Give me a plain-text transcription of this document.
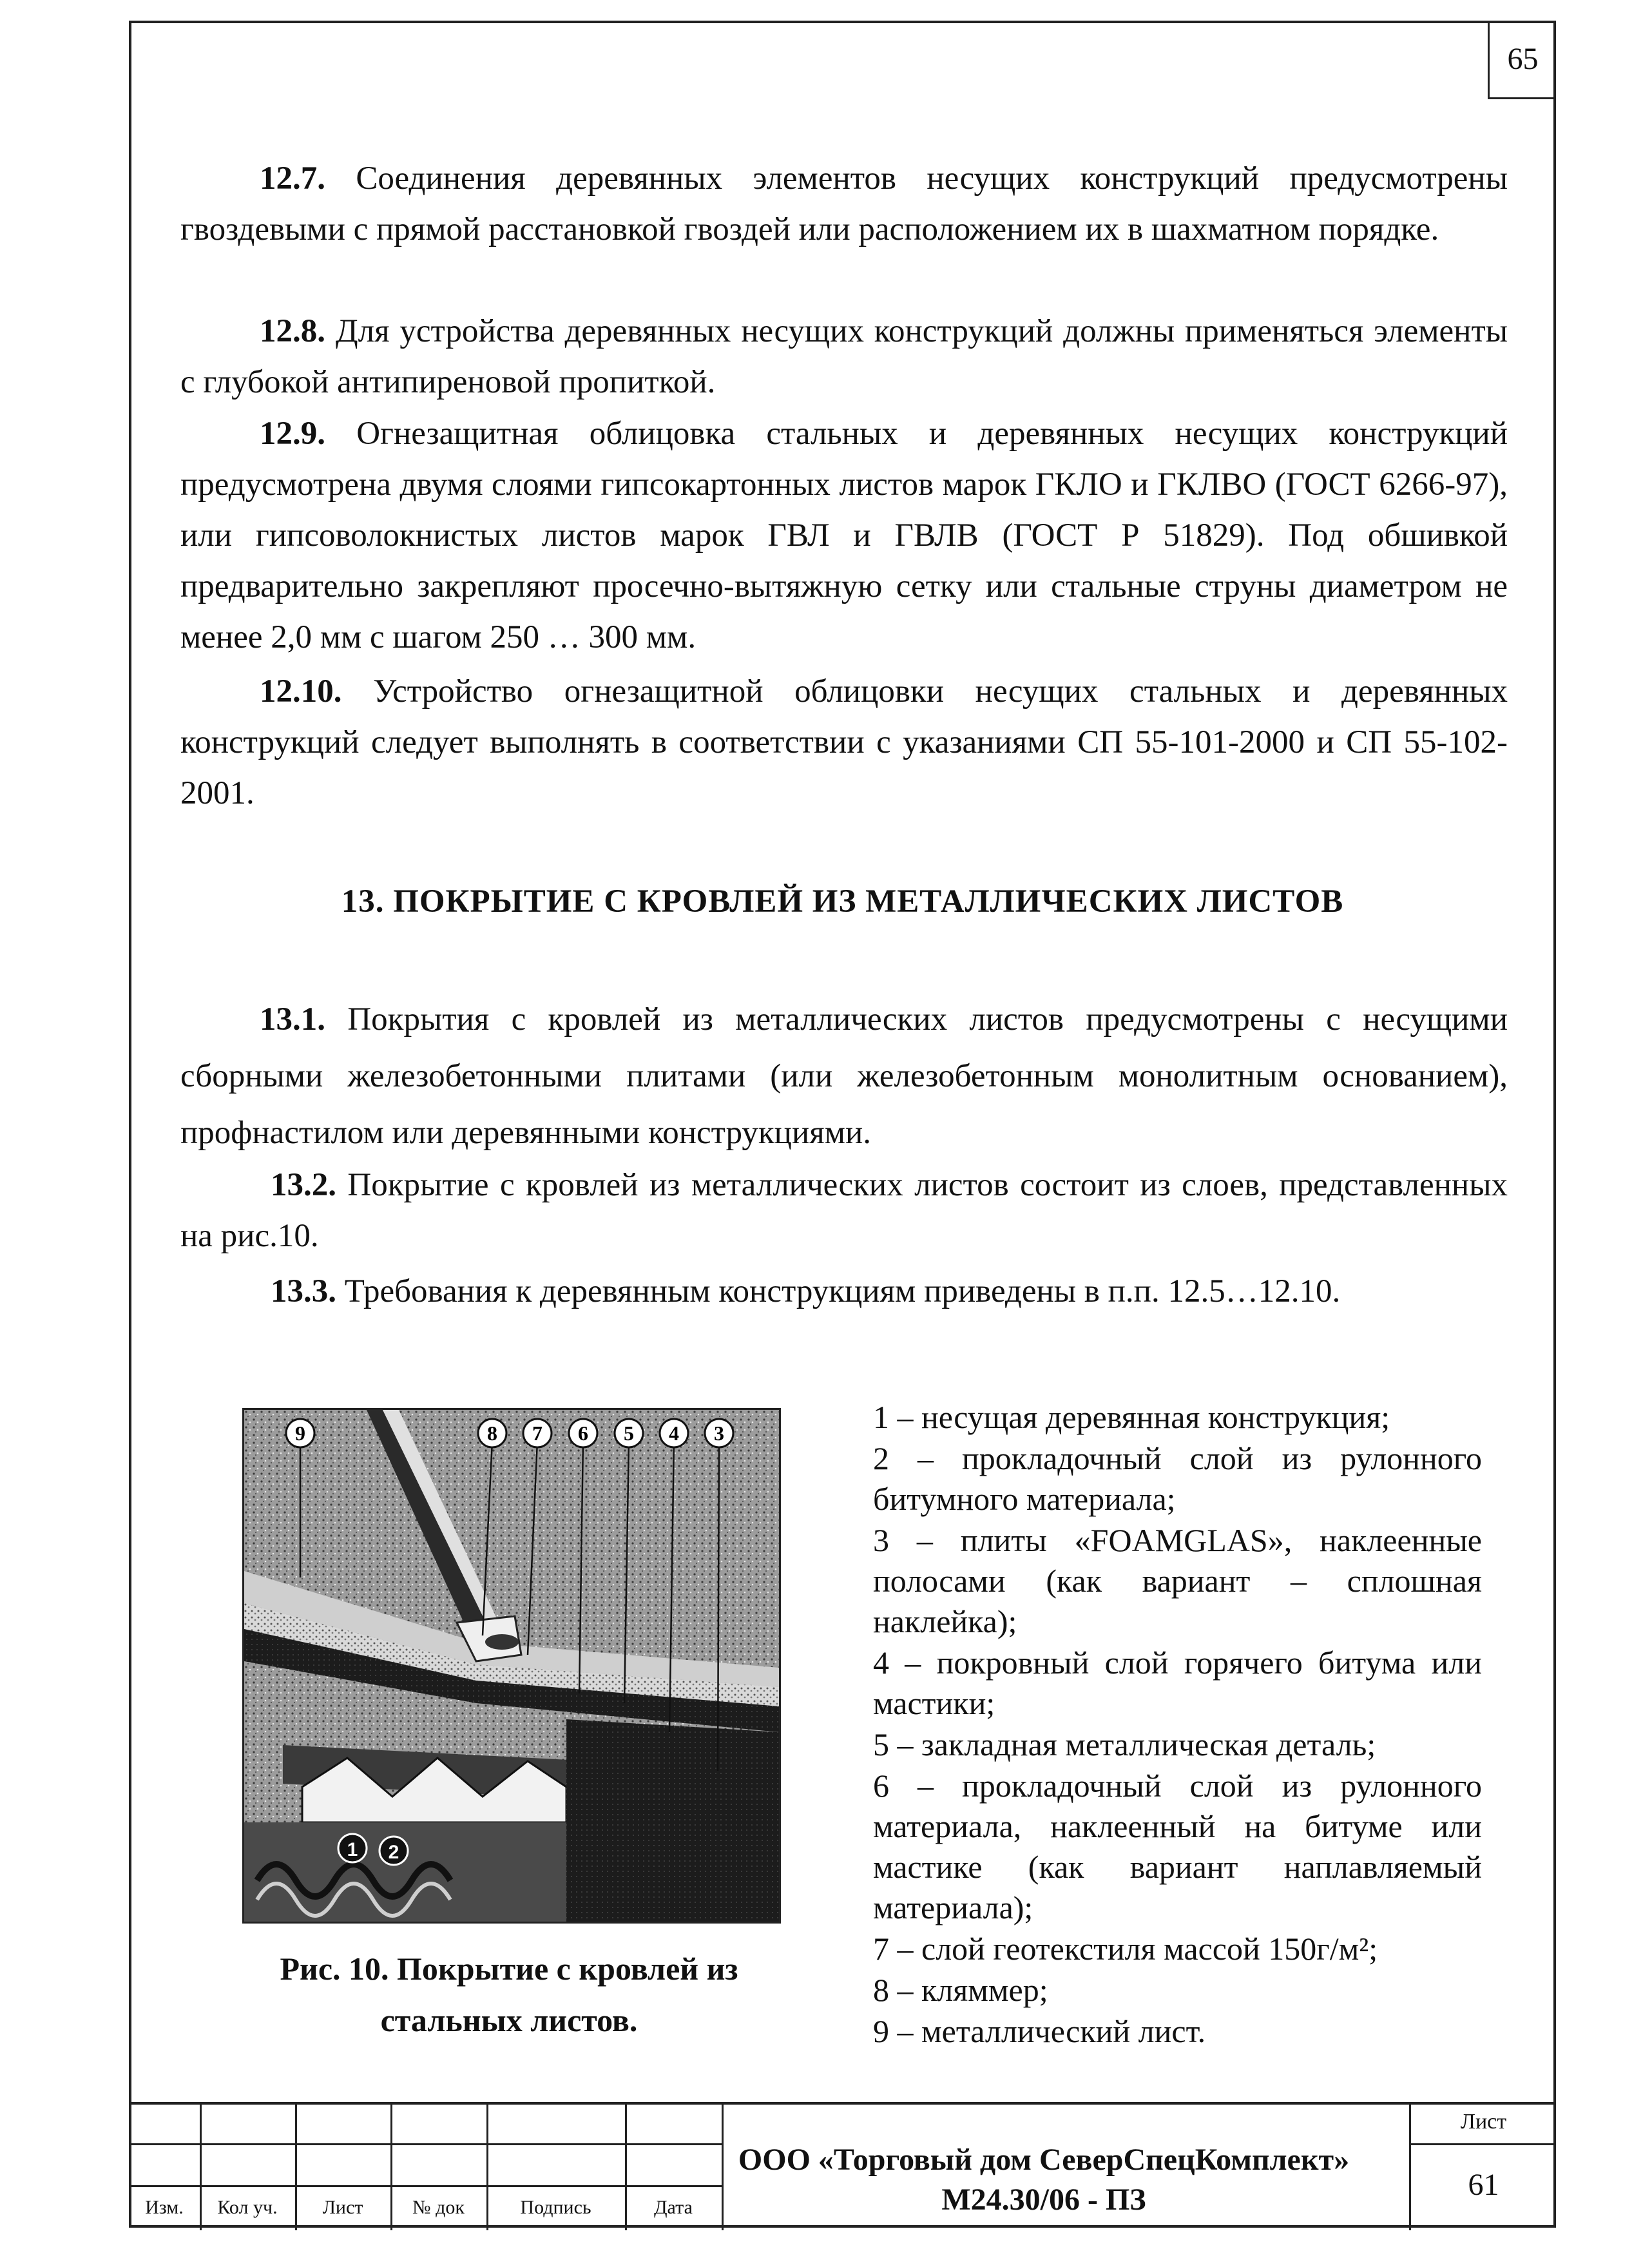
65

12.7. Соединения деревянных элементов несущих конструкций предусмотрены гвоздевыми с прямой расстановкой гвоздей или расположением их в шахматном порядке.

12.8. Для устройства деревянных несущих конструкций должны применяться элементы с глубокой антипиреновой пропиткой.

12.9. Огнезащитная облицовка стальных и деревянных несущих конструкций предусмотрена двумя слоями гипсокартонных листов марок ГКЛО и ГКЛВО (ГОСТ 6266-97), или гипсоволокнистых листов марок ГВЛ и ГВЛВ (ГОСТ Р 51829). Под обшивкой предварительно закрепляют просечно-вытяжную сетку или стальные струны диаметром не менее 2,0 мм с шагом 250 … 300 мм.

12.10. Устройство огнезащитной облицовки несущих стальных и деревянных конструкций следует выполнять в соответствии с указаниями СП 55-101-2000 и СП 55-102-2001.

13. ПОКРЫТИЕ С КРОВЛЕЙ ИЗ МЕТАЛЛИЧЕСКИХ ЛИСТОВ

13.1. Покрытия с кровлей из металлических листов предусмотрены с несущими сборными железобетонными плитами (или железобетонным монолитным основанием), профнастилом или деревянными конструкциями.

13.2. Покрытие с кровлей из металлических листов состоит из слоев, представленных на рис.10.

13.3. Требования к деревянным конструкциям приведены в п.п. 12.5…12.10.

9	8 7 6 5 4 3
1 2
Рис. 10. Покрытие с кровлей из
стальных листов.
1 – несущая деревянная конструкция;
2 – прокладочный слой из рулонного битумного материала;
3 – плиты «FOAMGLAS», наклеенные полосами (как вариант – сплошная наклейка);
4 – покровный слой горячего битума или мастики;
5 – закладная металлическая деталь;
6 – прокладочный слой из рулонного материала, наклеенный на битуме или мастике (как вариант наплавляемый материала);
7 – слой геотекстиля массой 150г/м²;
8 – кляммер;
9 – металлический лист.
Изм.	Кол уч.	Лист	№ док	Подпись	Дата
ООО «Торговый дом СеверСпецКомплект»
М24.30/06 - ПЗ
Лист
61
